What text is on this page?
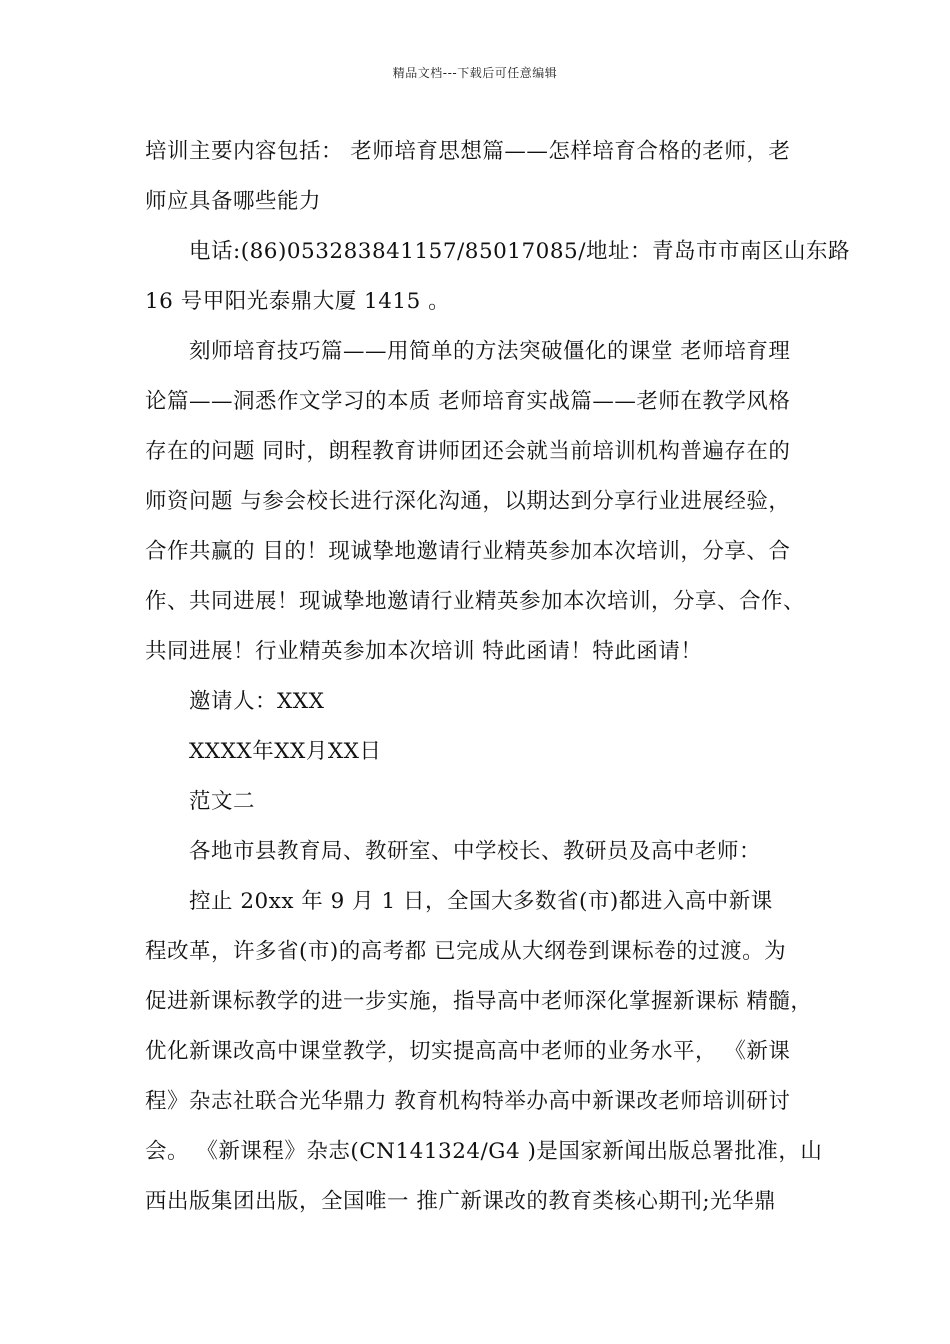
精品文档---下载后可任意编辑
培训主要内容包括： 老师培育思想篇——怎样培育合格的老师，老
师应具备哪些能力
电话:(86)053283841157/85017085/地址：青岛市市南区山东路
16 号甲阳光泰鼎大厦 1415 。
刻师培育技巧篇——用简单的方法突破僵化的课堂 老师培育理
论篇——洞悉作文学习的本质 老师培育实战篇——老师在教学风格
存在的问题 同时，朗程教育讲师团还会就当前培训机构普遍存在的
师资问题 与参会校长进行深化沟通，以期达到分享行业进展经验，
合作共赢的 目的！现诚挚地邀请行业精英参加本次培训，分享、合
作、共同进展！现诚挚地邀请行业精英参加本次培训，分享、合作、
共同进展！行业精英参加本次培训 特此函请！特此函请！
邀请人：XXX
XXXX年XX月XX日
范文二
各地市县教育局、教研室、中学校长、教研员及高中老师：
控止 20xx 年 9 月 1 日，全国大多数省(市)都进入高中新课
程改革，许多省(市)的高考都 已完成从大纲卷到课标卷的过渡。为
促进新课标教学的进一步实施，指导高中老师深化掌握新课标 精髓，
优化新课改高中课堂教学，切实提高高中老师的业务水平， 《新课
程》杂志社联合光华鼎力 教育机构特举办高中新课改老师培训研讨
会。 《新课程》杂志(CN141324/G4 )是国家新闻出版总署批准，山
西出版集团出版，全国唯一 推广新课改的教育类核心期刊;光华鼎
